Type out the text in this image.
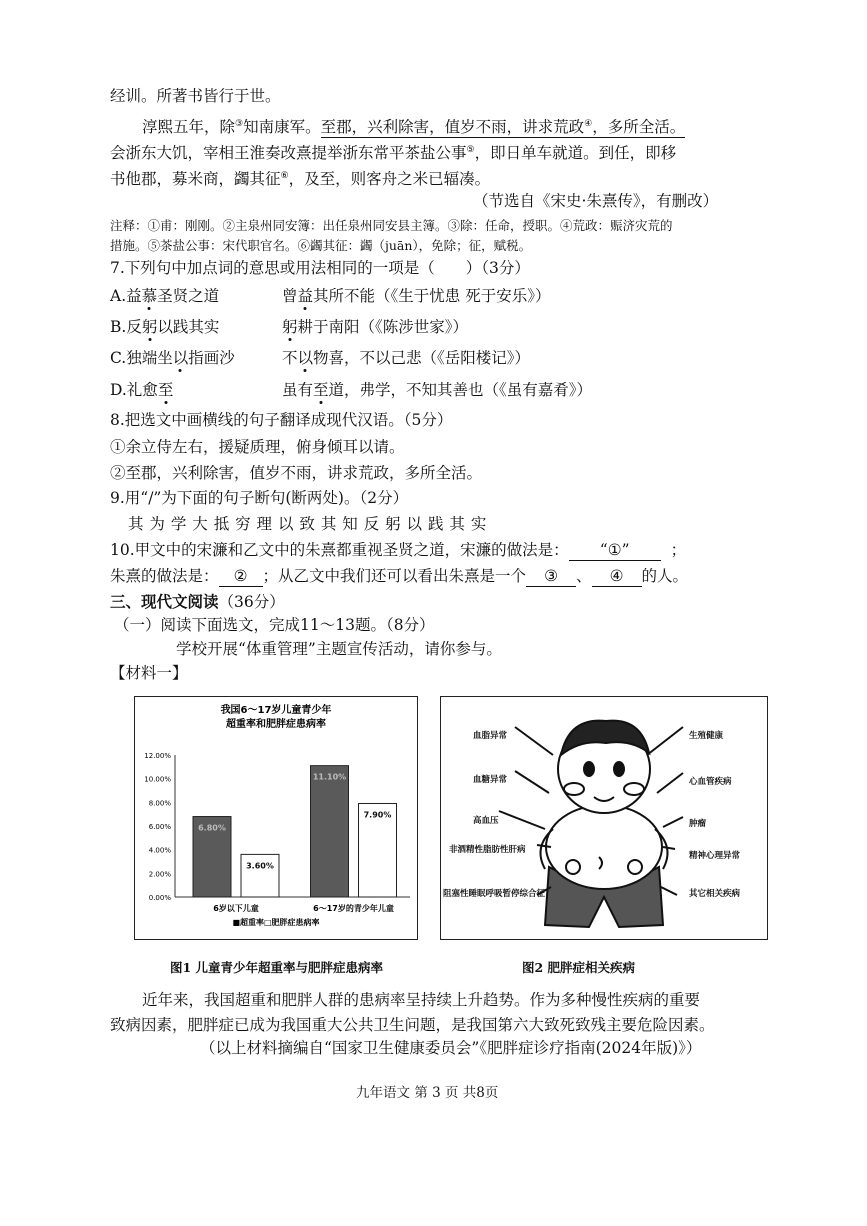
经训。所著书皆行于世。
淳熙五年，除③知南康军。至郡，兴利除害，值岁不雨，讲求荒政④，多所全活。
会浙东大饥，宰相王淮奏改熹提举浙东常平茶盐公事⑤，即日单车就道。到任，即移
书他郡，募米商，蠲其征⑥，及至，则客舟之米已辐凑。
（节选自《宋史·朱熹传》，有删改）
注释：①甫：刚刚。②主泉州同安簿：出任泉州同安县主簿。③除：任命，授职。④荒政：赈济灾荒的
措施。⑤茶盐公事：宋代职官名。⑥蠲其征：蠲（juān），免除；征，赋税。
7.下列句中加点词的意思或用法相同的一项是（　　）（3分）
A.益慕圣贤之道	曾益其所不能（《生于忧患 死于安乐》）
B.反躬以践其实	躬耕于南阳（《陈涉世家》）
C.独端坐以指画沙	不以物喜，不以己悲（《岳阳楼记》）
D.礼愈至	虽有至道，弗学，不知其善也（《虽有嘉肴》）
8.把选文中画横线的句子翻译成现代汉语。（5分）
①余立侍左右，援疑质理，俯身倾耳以请。
②至郡，兴利除害，值岁不雨，讲求荒政，多所全活。
9.用“/”为下面的句子断句(断两处)。（2分）
其 为 学 大 抵 穷 理 以 致 其 知 反 躬 以 践 其 实
10.甲文中的宋濂和乙文中的朱熹都重视圣贤之道，宋濂的做法是： “①”	；
朱熹的做法是： ② ；从乙文中我们还可以看出朱熹是一个 ③ 、 ④ 的人。
三、现代文阅读（36分）
（一）阅读下面选文，完成11～13题。（8分）
学校开展“体重管理”主题宣传活动，请你参与。
【材料一】
我国6～17岁儿童青少年
超重率和肥胖症患病率
0.00%
2.00%
4.00%
6.00%
8.00%
10.00%
12.00%
6.80%
3.60%
6岁以下儿童
11.10%
7.90%
6～17岁的青少年儿童
■超重率□肥胖症患病率
图1 儿童青少年超重率与肥胖症患病率
血脂异常
血糖异常
高血压
非酒精性脂肪性肝病
阻塞性睡眠呼吸暂停综合征
生殖健康
心血管疾病
肿瘤
精神心理异常
其它相关疾病
图2 肥胖症相关疾病
近年来，我国超重和肥胖人群的患病率呈持续上升趋势。作为多种慢性疾病的重要
致病因素，肥胖症已成为我国重大公共卫生问题，是我国第六大致死致残主要危险因素。
（以上材料摘编自“国家卫生健康委员会”《肥胖症诊疗指南(2024年版)》）
九年语文 第 3 页 共8页
